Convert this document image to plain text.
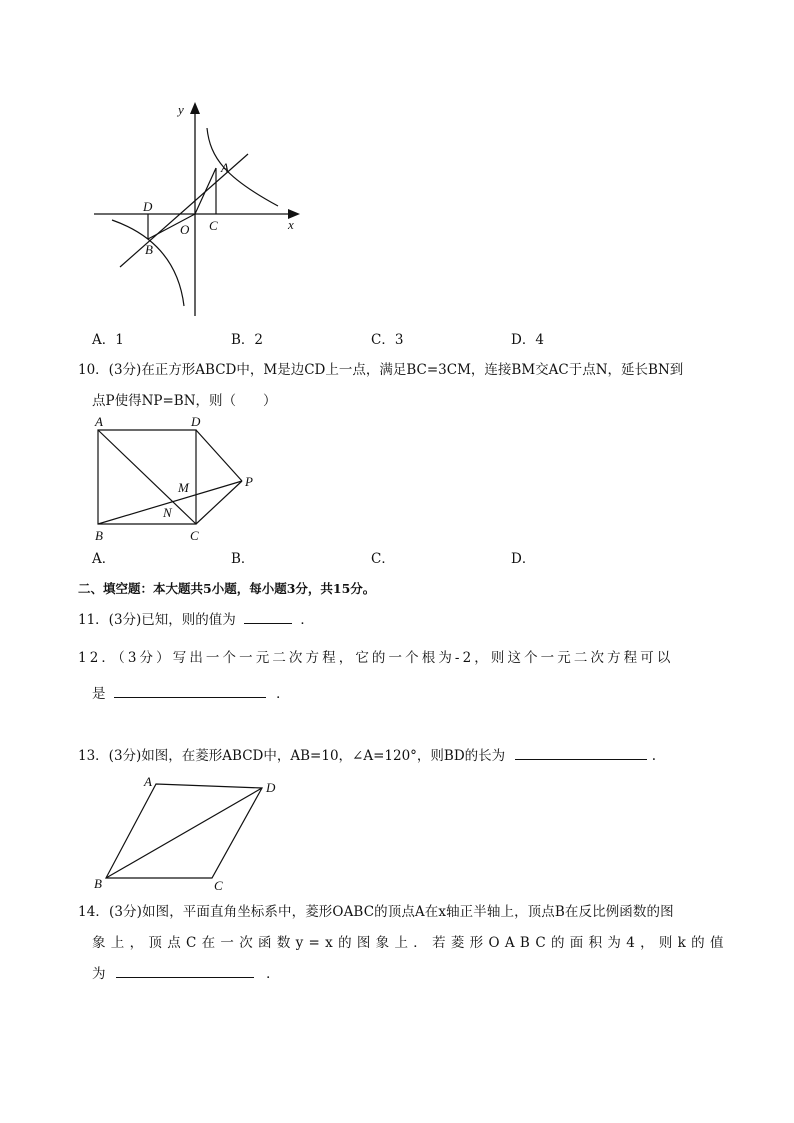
y
x
A
C
D
O
B
A．1	B．2	C．3	D．4
10．(3分)在正方形ABCD中，M是边CD上一点，满足BC=3CM，连接BM交AC于点N，延长BN到
点P使得NP=BN，则（　　）
A	D
M	P
N
B	C
A．	B．	C．	D．
二、填空题：本大题共5小题，每小题3分，共15分。
11．(3分)已知，则的值为	．
12．（3分）写出一个一元二次方程，它的一个根为-2，则这个一元二次方程可以
是	．
13．(3分)如图，在菱形ABCD中，AB=10，∠A=120°，则BD的长为	.
A	D
B	C
14．(3分)如图，平面直角坐标系中，菱形OABC的顶点A在x轴正半轴上，顶点B在反比例函数的图
象上，顶点C在一次函数y=x的图象上．若菱形OABC的面积为4，则k的值
为	．
